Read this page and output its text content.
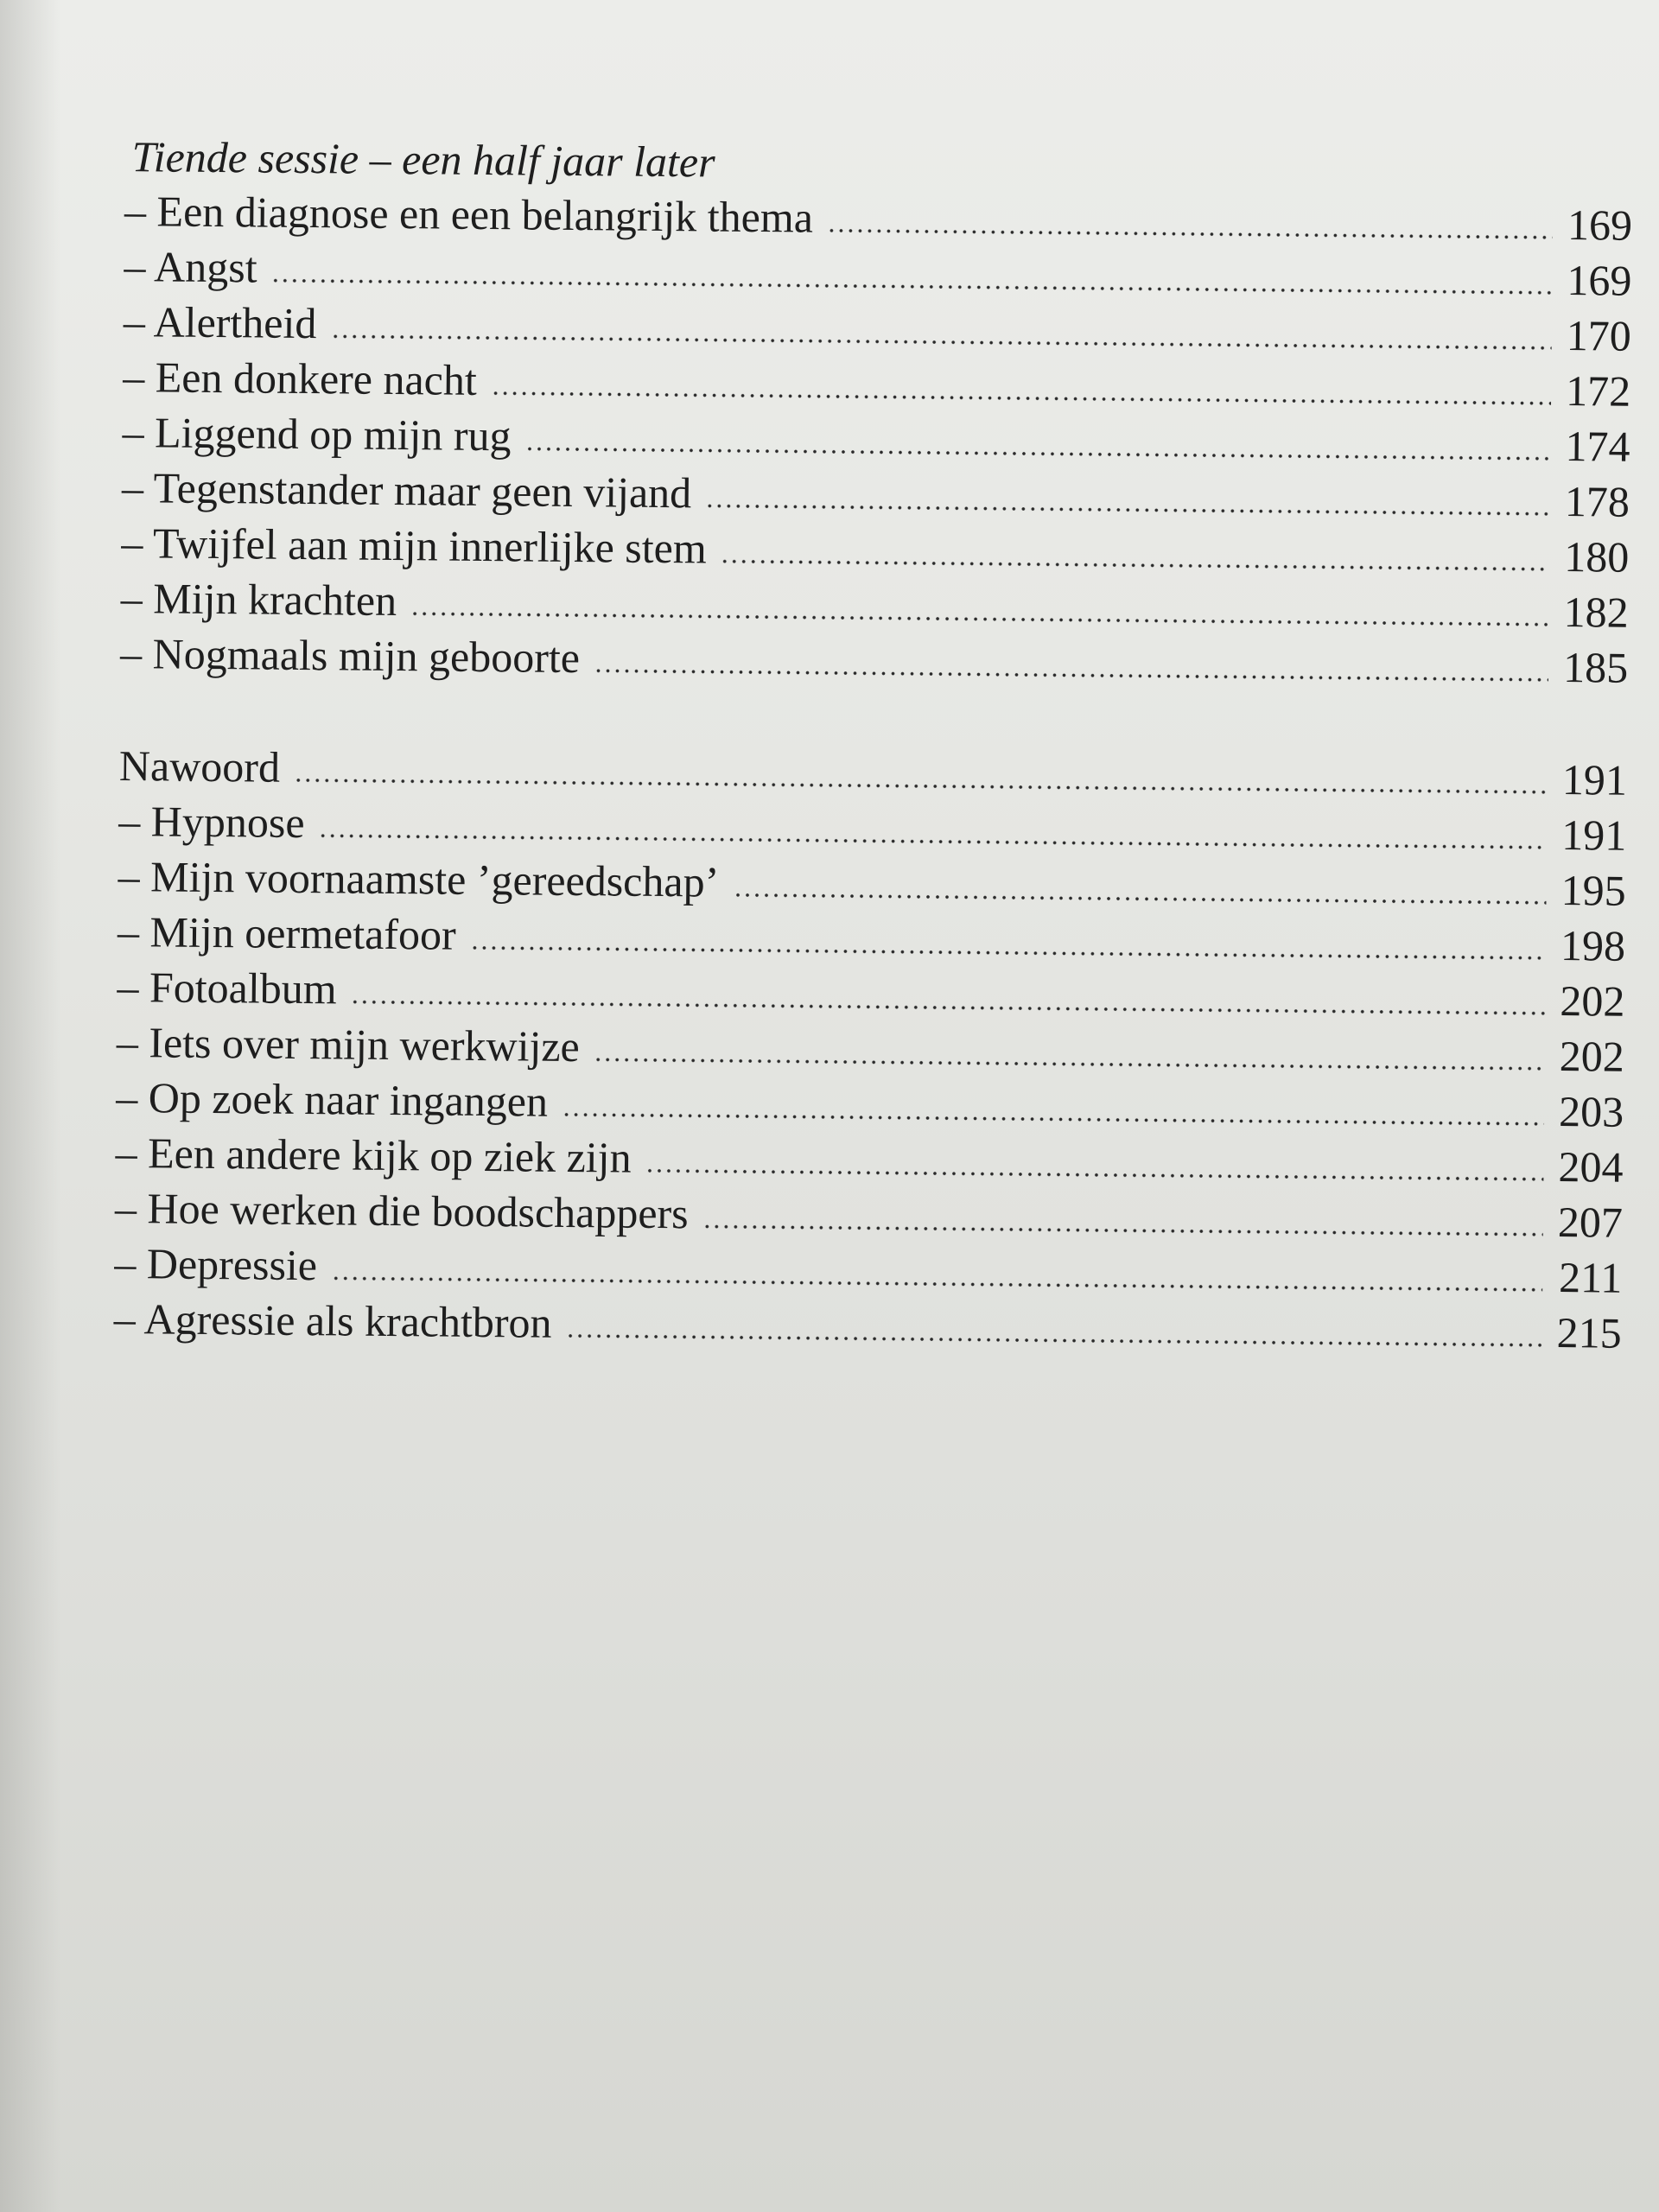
Tiende sessie – een half jaar later
– Een diagnose en een belangrijk thema	169
– Angst	169
– Alertheid	170
– Een donkere nacht	172
– Liggend op mijn rug	174
– Tegenstander maar geen vijand	178
– Twijfel aan mijn innerlijke stem	180
– Mijn krachten	182
– Nogmaals mijn geboorte	185
Nawoord	191
– Hypnose	191
– Mijn voornaamste ’gereedschap’	195
– Mijn oermetafoor	198
– Fotoalbum	202
– Iets over mijn werkwijze	202
– Op zoek naar ingangen	203
– Een andere kijk op ziek zijn	204
– Hoe werken die boodschappers	207
– Depressie	211
– Agressie als krachtbron	215
